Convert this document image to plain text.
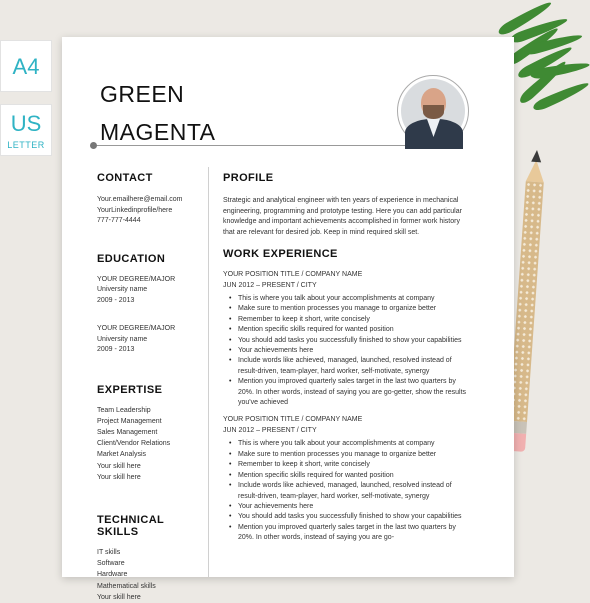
A4
US
LETTER
GREEN
MAGENTA
CONTACT
Your.emailhere@email.com
YourLinkedinprofile/here
777-777-4444
EDUCATION
YOUR DEGREE/MAJOR
University name
2009 - 2013
YOUR DEGREE/MAJOR
University name
2009 - 2013
EXPERTISE
Team Leadership
Project Management
Sales Management
Client/Vendor Relations
Market Analysis
Your skill here
Your skill here
TECHNICAL SKILLS
IT skills
Software
Hardware
Mathematical skills
Your skill here
PROFILE
Strategic and analytical engineer with ten years of experience in mechanical engineering, programming and prototype testing. Here you can add particular knowledge and important achievements accomplished in former work history that are relevant for desired job. Keep in mind required skill set.
WORK EXPERIENCE
YOUR POSITION TITLE / COMPANY NAME
JUN 2012 – PRESENT / CITY
• This is where you talk about your accomplishments at company
• Make sure to mention processes you manage to organize better
• Remember to keep it short, write concisely
• Mention specific skills required for wanted position
• You should add tasks you successfully finished to show your capabilities
• Your achievements here
• Include words like achieved, managed, launched, resolved instead of result-driven, team-player, hard worker, self-motivate, synergy
• Mention you improved quarterly sales target in the last two quarters by 20%. In other words, instead of saying you are go-getter, show the results you've achieved
YOUR POSITION TITLE / COMPANY NAME
JUN 2012 – PRESENT / CITY
• This is where you talk about your accomplishments at company
• Make sure to mention processes you manage to organize better
• Remember to keep it short, write concisely
• Mention specific skills required for wanted position
• Include words like achieved, managed, launched, resolved instead of result-driven, team-player, hard worker, self-motivate, synergy
• Your achievements here
• You should add tasks you successfully finished to show your capabilities
• Mention you improved quarterly sales target in the last two quarters by 20%. In other words, instead of saying you are go-
